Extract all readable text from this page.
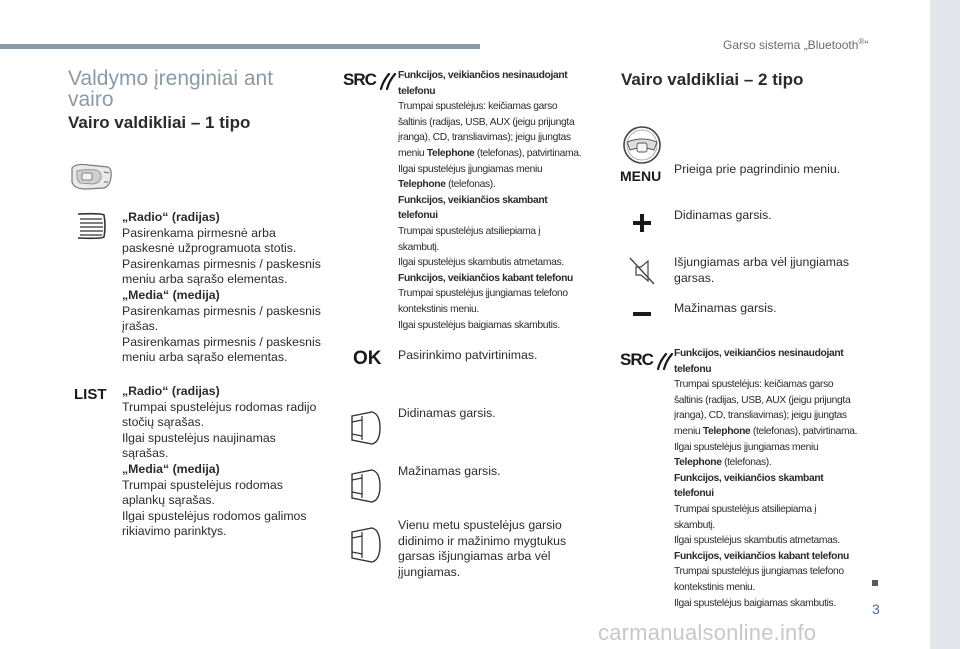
Garso sistema „Bluetooth®“
3
carmanualsonline.info
Valdymo įrenginiai ant vairo
Vairo valdikliai – 1 tipo
„Radio“ (radijas)
Pasirenkama pirmesnė arba
paskesnė užprogramuota stotis.
Pasirenkamas pirmesnis / paskesnis
meniu arba sąrašo elementas.
„Media“ (medija)
Pasirenkamas pirmesnis / paskesnis
įrašas.
Pasirenkamas pirmesnis / paskesnis
meniu arba sąrašo elementas.
LIST „Radio“ (radijas)
Trumpai spustelėjus rodomas radijo
stočių sąrašas.
Ilgai spustelėjus naujinamas
sąrašas.
„Media“ (medija)
Trumpai spustelėjus rodomas
aplankų sąrašas.
Ilgai spustelėjus rodomos galimos
rikiavimo parinktys.
SRC	Funkcijos, veikiančios nesinaudojant
telefonu
Trumpai spustelėjus: keičiamas garso
šaltinis (radijas, USB, AUX (jeigu prijungta
įranga), CD, transliavimas); jeigu įjungtas
meniu Telephone (telefonas), patvirtinama.
Ilgai spustelėjus įjungiamas meniu
Telephone (telefonas).
Funkcijos, veikiančios skambant
telefonui
Trumpai spustelėjus atsiliepiama į
skambutį.
Ilgai spustelėjus skambutis atmetamas.
Funkcijos, veikiančios kabant telefonu
Trumpai spustelėjus įjungiamas telefono
kontekstinis meniu.
Ilgai spustelėjus baigiamas skambutis.
OK Pasirinkimo patvirtinimas.
Didinamas garsis.
Mažinamas garsis.
Vienu metu spustelėjus garsio
didinimo ir mažinimo mygtukus
garsas išjungiamas arba vėl
įjungiamas.
Vairo valdikliai – 2 tipo
MENU Prieiga prie pagrindinio meniu.
Didinamas garsis.
Išjungiamas arba vėl įjungiamas
garsas.
Mažinamas garsis.
SRC	Funkcijos, veikiančios nesinaudojant
telefonu
Trumpai spustelėjus: keičiamas garso
šaltinis (radijas, USB, AUX (jeigu prijungta
įranga), CD, transliavimas); jeigu įjungtas
meniu Telephone (telefonas), patvirtinama.
Ilgai spustelėjus įjungiamas meniu
Telephone (telefonas).
Funkcijos, veikiančios skambant
telefonui
Trumpai spustelėjus atsiliepiama į
skambutį.
Ilgai spustelėjus skambutis atmetamas.
Funkcijos, veikiančios kabant telefonu
Trumpai spustelėjus įjungiamas telefono
kontekstinis meniu.
Ilgai spustelėjus baigiamas skambutis.
